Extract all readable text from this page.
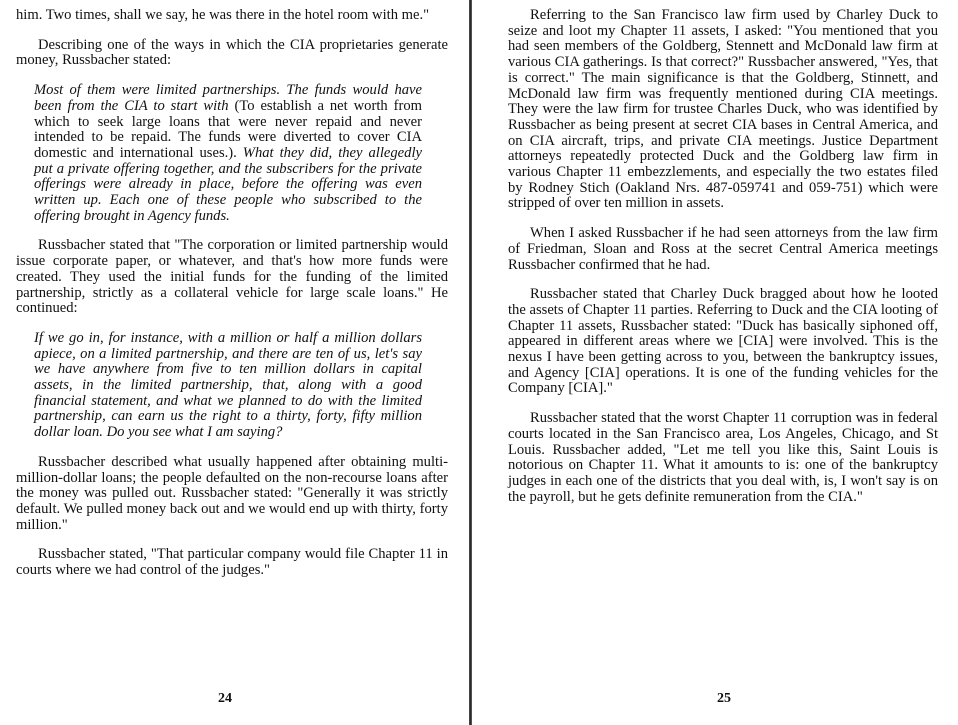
him. Two times, shall we say, he was there in the hotel room with me."

Describing one of the ways in which the CIA proprietaries generate money, Russbacher stated:

Most of them were limited partnerships. The funds would have been from the CIA to start with (To establish a net worth from which to seek large loans that were never repaid and never intended to be repaid. The funds were diverted to cover CIA domestic and international uses.). What they did, they allegedly put a private offering together, and the subscribers for the private offerings were already in place, before the offering was even written up. Each one of these people who subscribed to the offering brought in Agency funds.

Russbacher stated that "The corporation or limited partnership would issue corporate paper, or whatever, and that's how more funds were created. They used the initial funds for the funding of the limited partnership, strictly as a collateral vehicle for large scale loans." He continued:

If we go in, for instance, with a million or half a million dollars apiece, on a limited partnership, and there are ten of us, let's say we have anywhere from five to ten million dollars in capital assets, in the limited partnership, that, along with a good financial statement, and what we planned to do with the limited partnership, can earn us the right to a thirty, forty, fifty million dollar loan. Do you see what I am saying?

Russbacher described what usually happened after obtaining multi-million-dollar loans; the people defaulted on the non-recourse loans after the money was pulled out. Russbacher stated: "Generally it was strictly default. We pulled money back out and we would end up with thirty, forty million."

Russbacher stated, "That particular company would file Chapter 11 in courts where we had control of the judges."

24

Referring to the San Francisco law firm used by Charley Duck to seize and loot my Chapter 11 assets, I asked: "You mentioned that you had seen members of the Goldberg, Stennett and McDonald law firm at various CIA gatherings. Is that correct?" Russbacher answered, "Yes, that is correct." The main significance is that the Goldberg, Stinnett, and McDonald law firm was frequently mentioned during CIA meetings. They were the law firm for trustee Charles Duck, who was identified by Russbacher as being present at secret CIA bases in Central America, and on CIA aircraft, trips, and private CIA meetings. Justice Department attorneys repeatedly protected Duck and the Goldberg law firm in various Chapter 11 embezzlements, and especially the two estates filed by Rodney Stich (Oakland Nrs. 487-059741 and 059-751) which were stripped of over ten million in assets.

When I asked Russbacher if he had seen attorneys from the law firm of Friedman, Sloan and Ross at the secret Central America meetings Russbacher confirmed that he had.

Russbacher stated that Charley Duck bragged about how he looted the assets of Chapter 11 parties. Referring to Duck and the CIA looting of Chapter 11 assets, Russbacher stated: "Duck has basically siphoned off, appeared in different areas where we [CIA] were involved. This is the nexus I have been getting across to you, between the bankruptcy issues, and Agency [CIA] operations. It is one of the funding vehicles for the Company [CIA]."

Russbacher stated that the worst Chapter 11 corruption was in federal courts located in the San Francisco area, Los Angeles, Chicago, and St Louis. Russbacher added, "Let me tell you like this, Saint Louis is notorious on Chapter 11. What it amounts to is: one of the bankruptcy judges in each one of the districts that you deal with, is, I won't say is on the payroll, but he gets definite remuneration from the CIA."

25
